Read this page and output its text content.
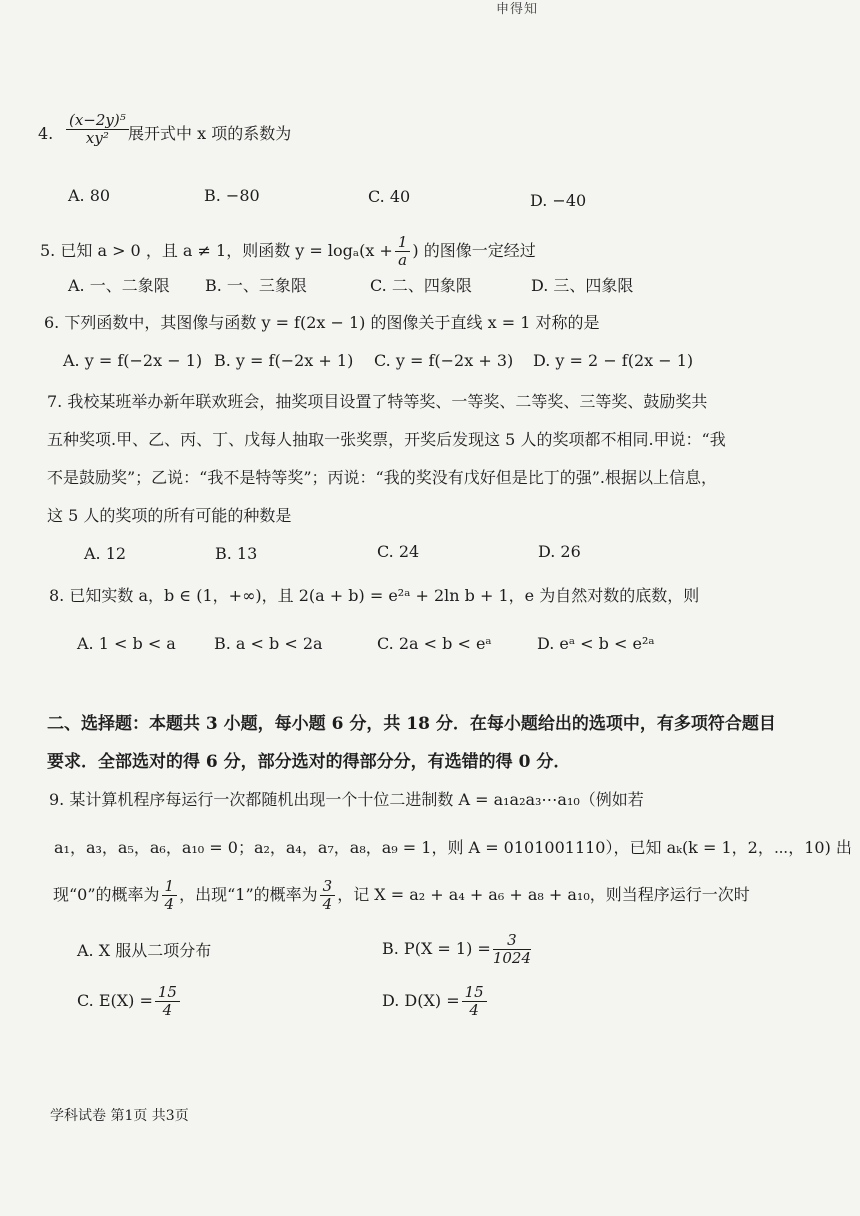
申得知
4. $\frac{\text{(x−2y)⁵}}{\text{xy²}}$ 展开式中 x 项的系数为
A. 80	B. −80	C. 40	D. −40
5. 已知 a > 0 ，且 a ≠ 1，则函数 $y = \log_a(x + \frac{1}{a}$ ) 的图像一定经过
A. 一、二象限 B. 一、三象限	C. 二、四象限	D. 三、四象限
6. 下列函数中，其图像与函数 y = f(2x − 1) 的图像关于直线 x = 1 对称的是
A. y = f(−2x − 1) B. y = f(−2x + 1) C. y = f(−2x + 3) D. y = 2 − f(2x − 1)
7. 我校某班举办新年联欢班会，抽奖项目设置了特等奖、一等奖、二等奖、三等奖、鼓励奖共
五种奖项.甲、乙、丙、丁、戊每人抽取一张奖票，开奖后发现这 5 人的奖项都不相同.甲说：“我
不是鼓励奖”；乙说：“我不是特等奖”；丙说：“我的奖没有戊好但是比丁的强”.根据以上信息，
这 5 人的奖项的所有可能的种数是
A. 12	B. 13	C. 24	D. 26
8. 已知实数 a，b ∈ (1，+∞)，且 2(a + b) = e²ᵃ + 2ln b + 1，e 为自然对数的底数，则
A. 1 < b < a B. a < b < 2a	C. 2a < b < eᵃ	D. eᵃ < b < e²ᵃ
二、选择题：本题共 3 小题，每小题 6 分，共 18 分．在每小题给出的选项中，有多项符合题目
要求．全部选对的得 6 分，部分选对的得部分分，有选错的得 0 分．
9. 某计算机程序每运行一次都随机出现一个十位二进制数 A = a₁a₂a₃⋯a₁₀（例如若
a₁，a₃，a₅，a₆，a₁₀ = 0；a₂，a₄，a₇，a₈，a₉ = 1，则 A = 0101001110），已知 aₖ(k = 1，2，⋯，10) 出
现“0”的概率为 $\frac{1}{4}$ ，出现“1”的概率为 $\frac{3}{4}$ ，记 X = a₂ + a₄ + a₆ + a₈ + a₁₀，则当程序运行一次时
A. X 服从二项分布	B. $P(X = 1) = \frac{3}{1024}$
C. $E(X) = \frac{15}{4}$	D. $D(X) = \frac{15}{4}$
学科试卷 第1页 共3页
